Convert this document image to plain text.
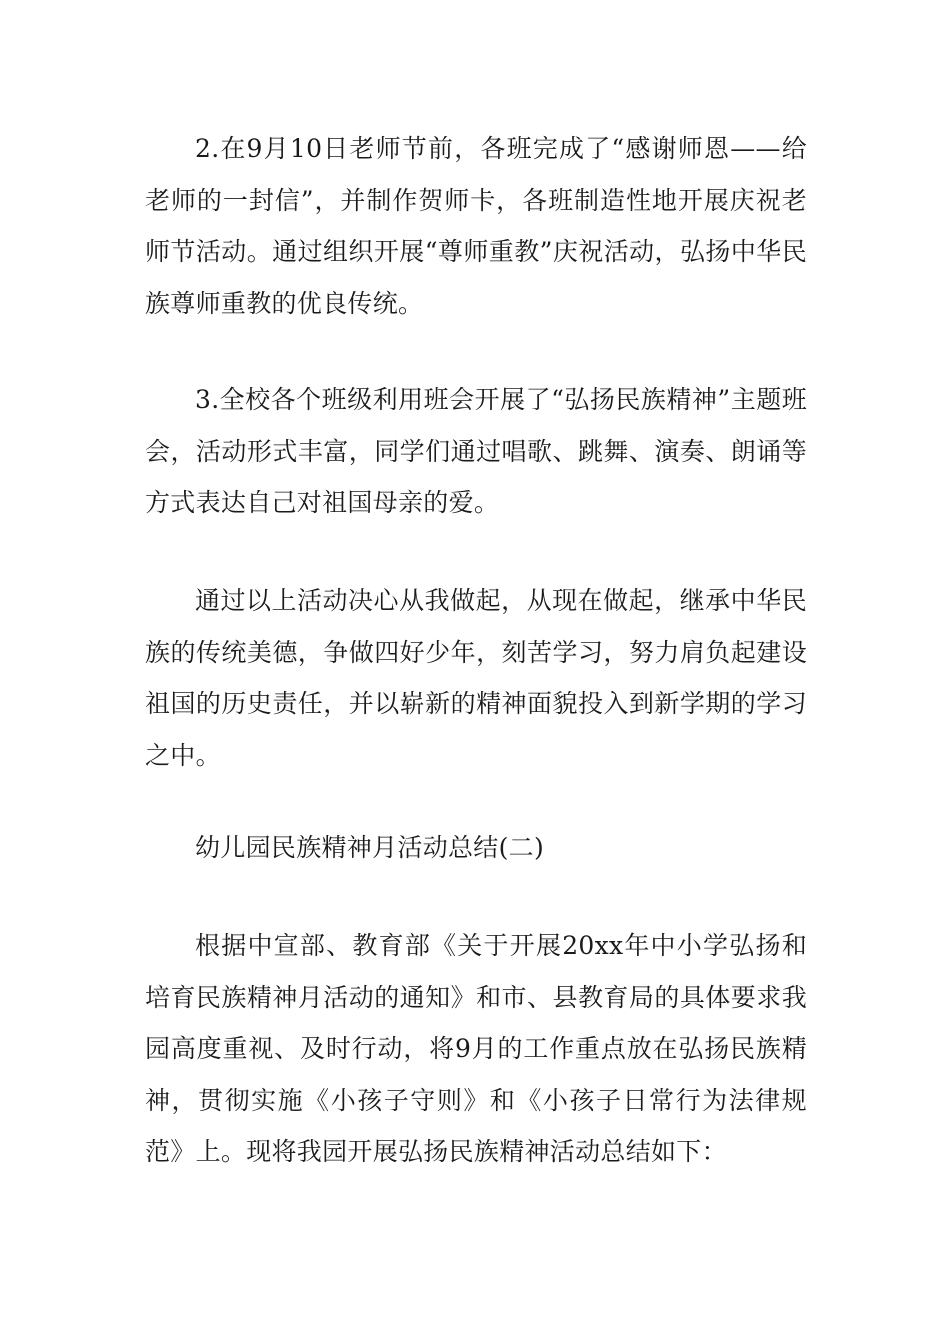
2.在9月10日老师节前，各班完成了“感谢师恩——给老师的一封信”，并制作贺师卡，各班制造性地开展庆祝老师节活动。通过组织开展“尊师重教”庆祝活动，弘扬中华民族尊师重教的优良传统。

3.全校各个班级利用班会开展了“弘扬民族精神”主题班会，活动形式丰富，同学们通过唱歌、跳舞、演奏、朗诵等方式表达自己对祖国母亲的爱。

通过以上活动决心从我做起，从现在做起，继承中华民族的传统美德，争做四好少年，刻苦学习，努力肩负起建设祖国的历史责任，并以崭新的精神面貌投入到新学期的学习之中。

幼儿园民族精神月活动总结(二)

根据中宣部、教育部《关于开展20xx年中小学弘扬和培育民族精神月活动的通知》和市、县教育局的具体要求我园高度重视、及时行动，将9月的工作重点放在弘扬民族精神，贯彻实施《小孩子守则》和《小孩子日常行为法律规范》上。现将我园开展弘扬民族精神活动总结如下：
